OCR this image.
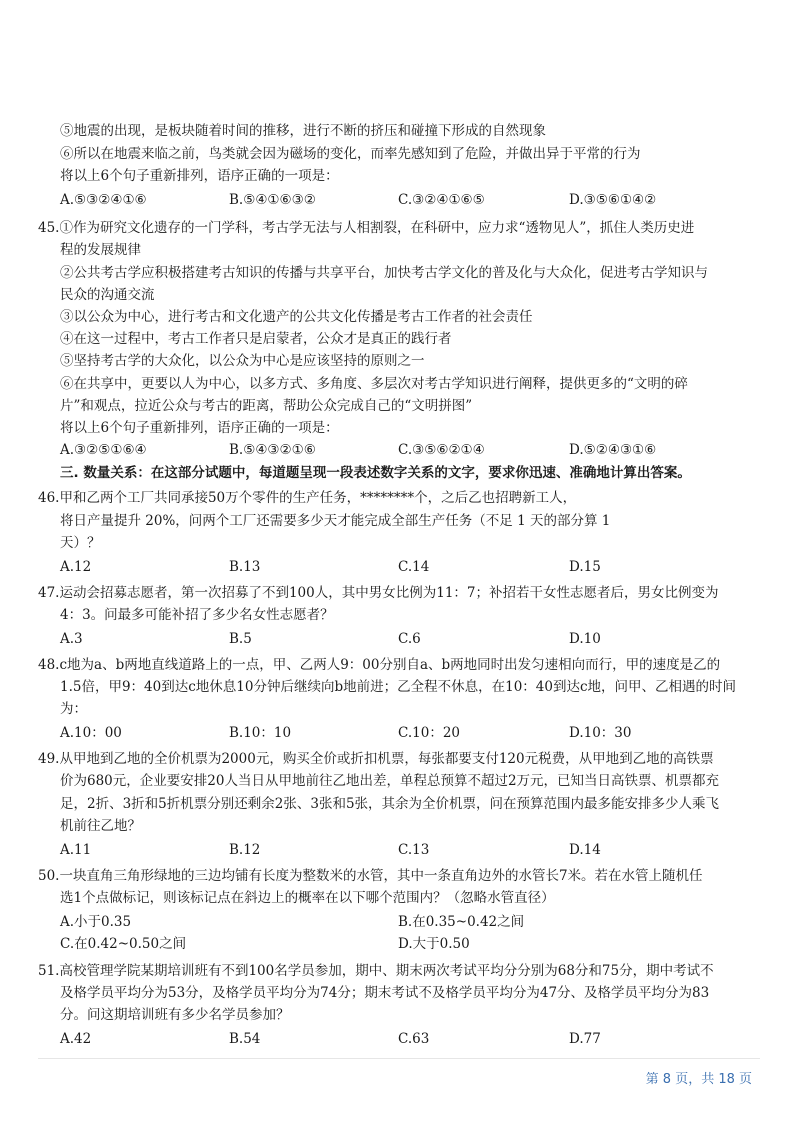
⑤地震的出现，是板块随着时间的推移，进行不断的挤压和碰撞下形成的自然现象
⑥所以在地震来临之前，鸟类就会因为磁场的变化，而率先感知到了危险，并做出异于平常的行为
将以上6个句子重新排列，语序正确的一项是：
A.⑤③②④①⑥	B.⑤④①⑥③②	C.③②④①⑥⑤	D.③⑤⑥①④②
45.①作为研究文化遗存的一门学科，考古学无法与人相割裂，在科研中，应力求“透物见人”，抓住人类历史进
程的发展规律
②公共考古学应积极搭建考古知识的传播与共享平台，加快考古学文化的普及化与大众化，促进考古学知识与
民众的沟通交流
③以公众为中心，进行考古和文化遗产的公共文化传播是考古工作者的社会责任
④在这一过程中，考古工作者只是启蒙者，公众才是真正的践行者
⑤坚持考古学的大众化，以公众为中心是应该坚持的原则之一
⑥在共享中，更要以人为中心，以多方式、多角度、多层次对考古学知识进行阐释，提供更多的“文明的碎
片”和观点，拉近公众与考古的距离，帮助公众完成自己的“文明拼图”
将以上6个句子重新排列，语序正确的一项是：
A.③②⑤①⑥④	B.⑤④③②①⑥	C.③⑤⑥②①④	D.⑤②④③①⑥
三. 数量关系：在这部分试题中，每道题呈现一段表述数字关系的文字，要求你迅速、准确地计算出答案。
46.甲和乙两个工厂共同承接50万个零件的生产任务，********个，之后乙也招聘新工人，
将日产量提升 20%，问两个工厂还需要多少天才能完成全部生产任务（不足 1 天的部分算 1
天）？
A.12	B.13	C.14	D.15
47.运动会招募志愿者，第一次招募了不到100人，其中男女比例为11：7；补招若干女性志愿者后，男女比例变为
4：3。问最多可能补招了多少名女性志愿者？
A.3	B.5	C.6	D.10
48.c地为a、b两地直线道路上的一点，甲、乙两人9：00分别自a、b两地同时出发匀速相向而行，甲的速度是乙的
1.5倍，甲9：40到达c地休息10分钟后继续向b地前进；乙全程不休息，在10：40到达c地，问甲、乙相遇的时间
为：
A.10：00	B.10：10	C.10：20	D.10：30
49.从甲地到乙地的全价机票为2000元，购买全价或折扣机票，每张都要支付120元税费，从甲地到乙地的高铁票
价为680元，企业要安排20人当日从甲地前往乙地出差，单程总预算不超过2万元，已知当日高铁票、机票都充
足，2折、3折和5折机票分别还剩余2张、3张和5张，其余为全价机票，问在预算范围内最多能安排多少人乘飞
机前往乙地？
A.11	B.12	C.13	D.14
50.一块直角三角形绿地的三边均铺有长度为整数米的水管，其中一条直角边外的水管长7米。若在水管上随机任
选1个点做标记，则该标记点在斜边上的概率在以下哪个范围内？（忽略水管直径）
A.小于0.35	B.在0.35~0.42之间
C.在0.42~0.50之间	D.大于0.50
51.高校管理学院某期培训班有不到100名学员参加，期中、期末两次考试平均分分别为68分和75分，期中考试不
及格学员平均分为53分，及格学员平均分为74分；期末考试不及格学员平均分为47分、及格学员平均分为83
分。问这期培训班有多少名学员参加？
A.42	B.54	C.63	D.77
第 8 页，共 18 页
